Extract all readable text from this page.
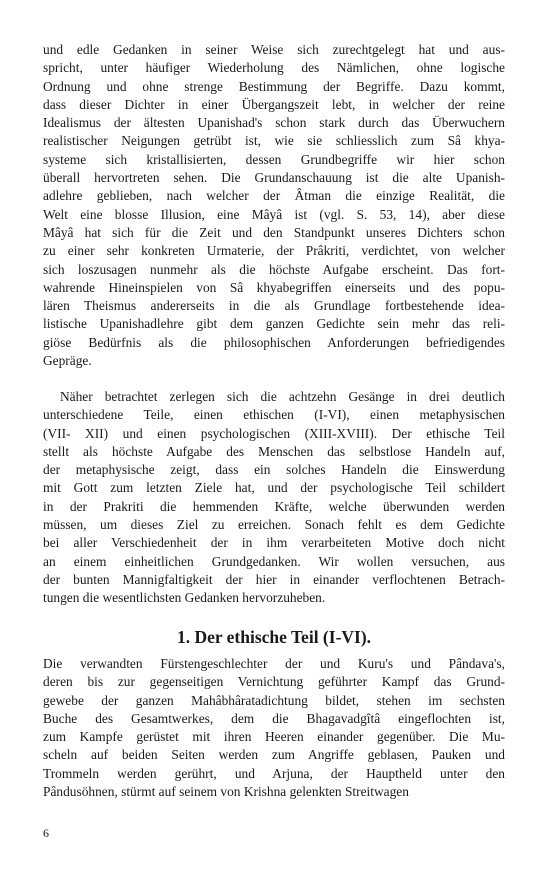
und edle Gedanken in seiner Weise sich zurechtgelegt hat und aus-
spricht, unter häufiger Wiederholung des Nämlichen, ohne logische
Ordnung und ohne strenge Bestimmung der Begriffe. Dazu kommt,
dass dieser Dichter in einer Übergangszeit lebt, in welcher der reine
Idealismus der ältesten Upanishad's schon stark durch das Überwuchern
realistischer Neigungen getrübt ist, wie sie schliesslich zum Sâ khya-
systeme sich kristallisierten, dessen Grundbegriffe wir hier schon
überall hervortreten sehen. Die Grundanschauung ist die alte Upanish-
adlehre geblieben, nach welcher der Âtman die einzige Realität, die
Welt eine blosse Illusion, eine Mâyâ ist (vgl. S. 53, 14), aber diese
Mâyâ hat sich für die Zeit und den Standpunkt unseres Dichters schon
zu einer sehr konkreten Urmaterie, der Prâkriti, verdichtet, von welcher
sich loszusagen nunmehr als die höchste Aufgabe erscheint. Das fort-
wahrende Hineinspielen von Sâ khyabegriffen einerseits und des popu-
lären Theismus andererseits in die als Grundlage fortbestehende idea-
listische Upanishadlehre gibt dem ganzen Gedichte sein mehr das reli-
giöse Bedürfnis als die philosophischen Anforderungen befriedigendes
Gepräge.
Näher betrachtet zerlegen sich die achtzehn Gesänge in drei deutlich
unterschiedene Teile, einen ethischen (I-VI), einen metaphysischen
(VII- XII) und einen psychologischen (XIII-XVIII). Der ethische Teil
stellt als höchste Aufgabe des Menschen das selbstlose Handeln auf,
der metaphysische zeigt, dass ein solches Handeln die Einswerdung
mit Gott zum letzten Ziele hat, und der psychologische Teil schildert
in der Prakriti die hemmenden Kräfte, welche überwunden werden
müssen, um dieses Ziel zu erreichen. Sonach fehlt es dem Gedichte
bei aller Verschiedenheit der in ihm verarbeiteten Motive doch nicht
an einem einheitlichen Grundgedanken. Wir wollen versuchen, aus
der bunten Mannigfaltigkeit der hier in einander verflochtenen Betrach-
tungen die wesentlichsten Gedanken hervorzuheben.
1. Der ethische Teil (I-VI).
Die verwandten Fürstengeschlechter der und Kuru's und Pândava's,
deren bis zur gegenseitigen Vernichtung geführter Kampf das Grund-
gewebe der ganzen Mahâbhâratadichtung bildet, stehen im sechsten
Buche des Gesamtwerkes, dem die Bhagavadgîtâ eingeflochten ist,
zum Kampfe gerüstet mit ihren Heeren einander gegenüber. Die Mu-
scheln auf beiden Seiten werden zum Angriffe geblasen, Pauken und
Trommeln werden gerührt, und Arjuna, der Hauptheld unter den
Pândusöhnen, stürmt auf seinem von Krishna gelenkten Streitwagen
6
